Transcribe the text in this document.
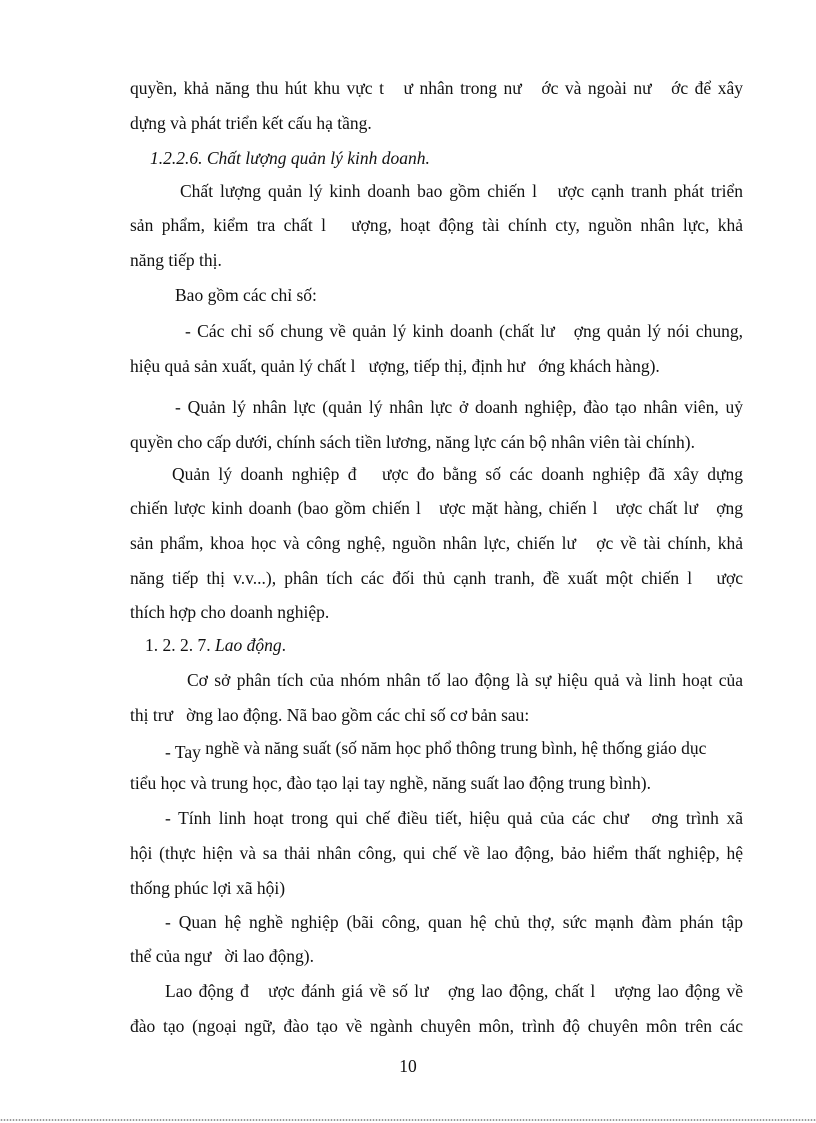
quyền, khả năng thu hút khu vực t   ư nhân trong nư   ớc và ngoài nư   ớc để xây
dựng và phát triển kết cấu hạ tầng.
1.2.2.6. Chất lượng quản lý kinh doanh.
Chất lượng quản lý kinh doanh bao gồm chiến l   ược cạnh tranh phát triển
sản phẩm, kiểm tra chất l   ượng, hoạt động tài chính cty, nguồn nhân lực, khả
năng tiếp thị.
Bao gồm các chỉ số:
- Các chỉ số chung về quản lý kinh doanh (chất lư   ợng quản lý nói chung,
hiệu quả sản xuất, quản lý chất l   ượng, tiếp thị, định hư   ớng khách hàng).
- Quản lý nhân lực (quản lý nhân lực ở doanh nghiệp, đào tạo nhân viên, uỷ
quyền cho cấp dưới, chính sách tiền lương, năng lực cán bộ nhân viên tài chính).
Quản lý doanh nghiệp đ   ược đo bằng số các doanh nghiệp đã xây dựng
chiến lược kinh doanh (bao gồm chiến l   ược mặt hàng, chiến l   ược chất lư   ợng
sản phẩm, khoa học và công nghệ, nguồn nhân lực, chiến lư   ợc về tài chính, khả
năng tiếp thị v.v...), phân tích các đối thủ cạnh tranh, đề xuất một chiến l   ược
thích hợp cho doanh nghiệp.
1. 2. 2. 7. Lao động.
Cơ sở phân tích của nhóm nhân tố lao động là sự hiệu quả và linh hoạt của
thị trư   ờng lao động. Nã bao gồm các chỉ số cơ bản sau:
- Tay nghề và năng suất (số năm học phổ thông trung bình, hệ thống giáo dục
tiểu học và trung học, đào tạo lại tay nghề, năng suất lao động trung bình).
- Tính linh hoạt trong qui chế điều tiết, hiệu quả của các chư   ơng trình xã
hội (thực hiện và sa thải nhân công, qui chế về lao động, bảo hiểm thất nghiệp, hệ
thống phúc lợi xã hội)
- Quan hệ nghề nghiệp (bãi công, quan hệ chủ thợ, sức mạnh đàm phán tập
thể của ngư   ời lao động).
Lao động đ   ược đánh giá về số lư   ợng lao động, chất l   ượng lao động về
đào tạo (ngoại ngữ, đào tạo về ngành chuyên môn, trình độ chuyên môn trên các
10
